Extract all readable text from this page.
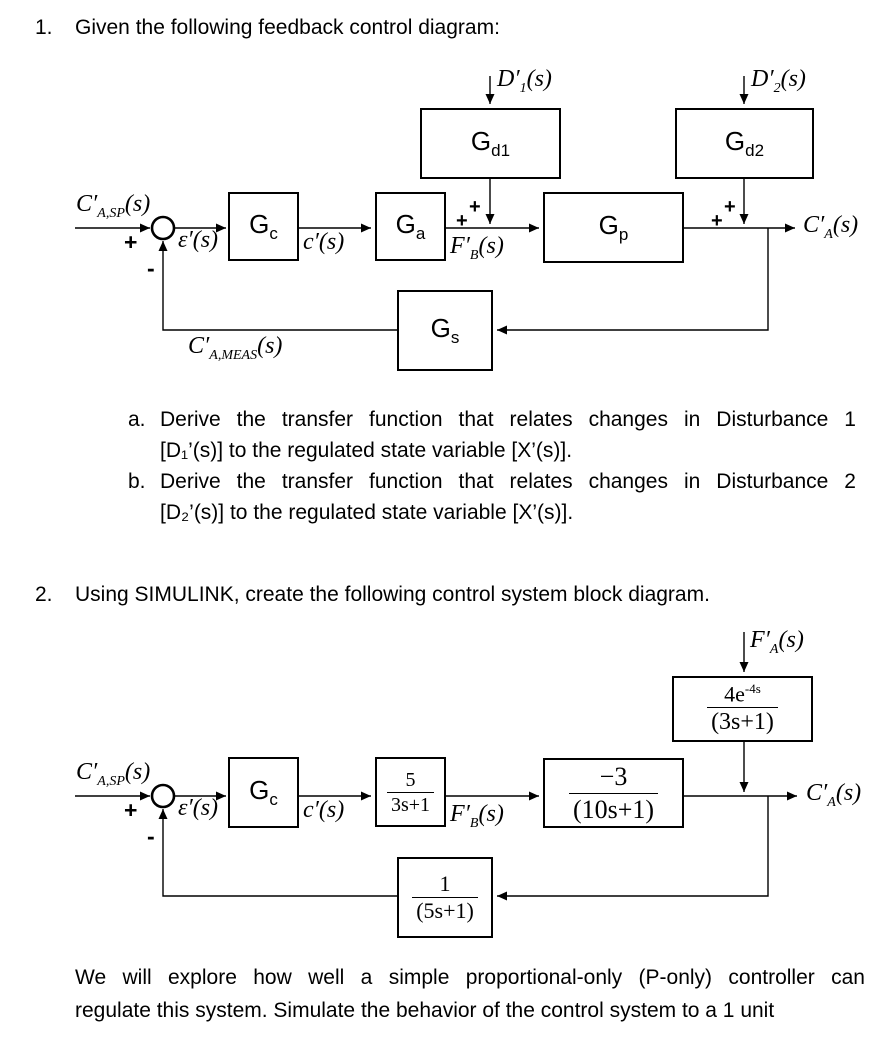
1.	Given the following feedback control diagram:
$G_c$	$G_a$	$G_p$
$G_{d1}$	$G_{d2}$
$G_s$
$C'_{A,SP}(s)$
ε′(s)	c′(s)	$F'_B(s)$
$D'_1(s)$	$D'_2(s)$
$C'_A(s)$
$C'_{A,MEAS}(s)$
+
-
+
+
+
+
a. Derive the transfer function that relates changes in Disturbance 1
[D₁’(s)] to the regulated state variable [X’(s)].
b. Derive the transfer function that relates changes in Disturbance 2
[D₂’(s)] to the regulated state variable [X’(s)].
2.	Using SIMULINK, create the following control system block diagram.
$\frac{4e^{-4s}}{(3s+1)}$
$G_c$	$\frac{5}{3s+1}$	$\frac{-3}{(10s+1)}$
$\frac{1}{(5s+1)}$
$F'_A(s)$
$C'_{A,SP}(s)$
ε′(s)	c′(s)	$F'_B(s)$
$C'_A(s)$
+
-
We will explore how well a simple proportional-only (P-only) controller can
regulate this system. Simulate the behavior of the control system to a 1 unit
